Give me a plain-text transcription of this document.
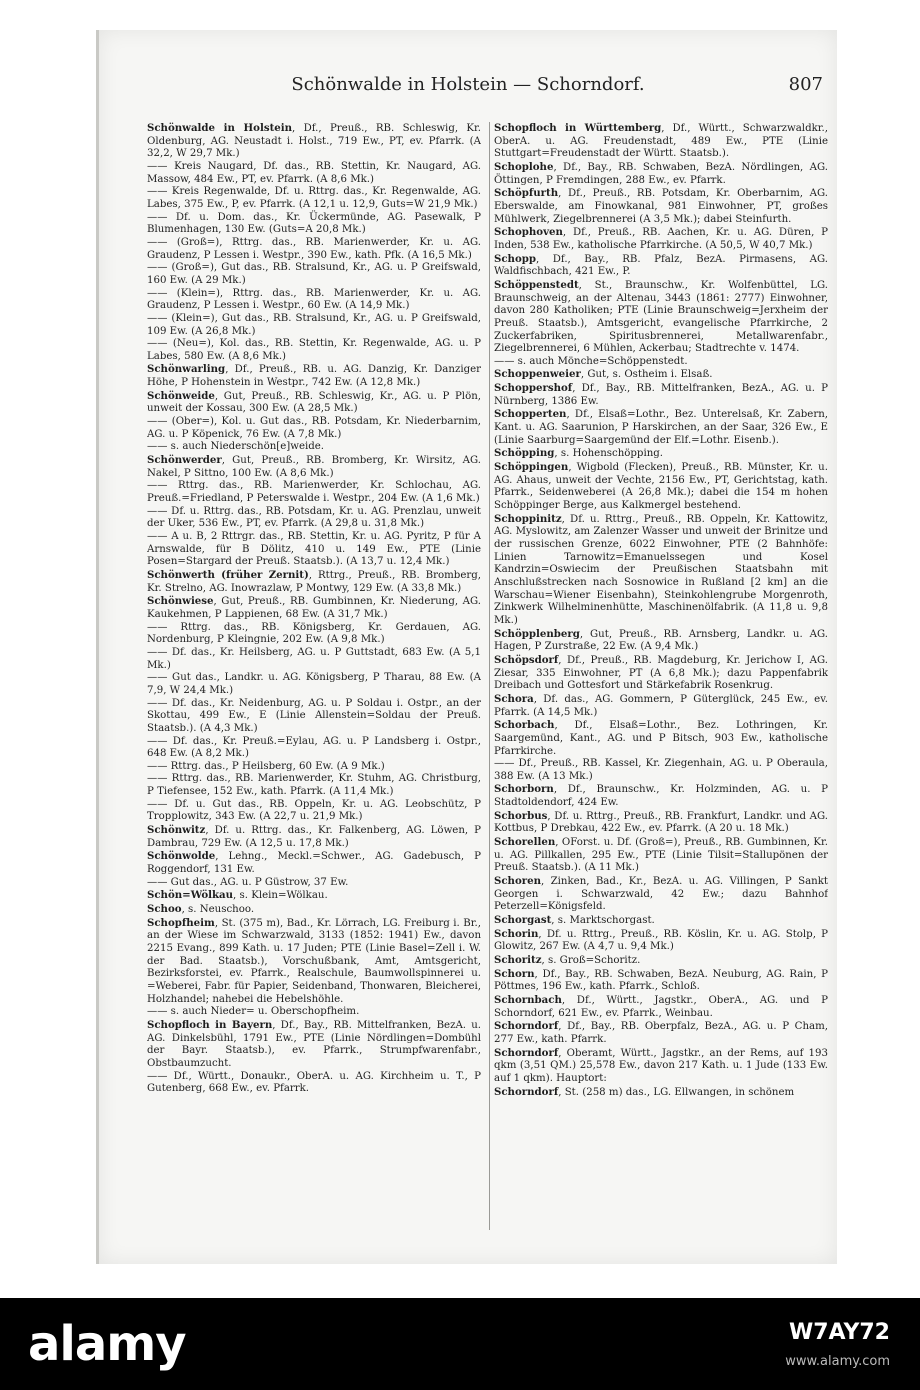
Schönwalde in Holstein — Schorndorf.	807

Schönwalde in Holstein, Df., Preuß., RB. Schleswig, Kr. Oldenburg, AG. Neustadt i. Holst., 719 Ew., PT, ev. Pfarrk. (A 32,2, W 29,7 Mk.)

—— Kreis Naugard, Df. das., RB. Stettin, Kr. Naugard, AG. Massow, 484 Ew., PT, ev. Pfarrk. (A 8,6 Mk.)

—— Kreis Regenwalde, Df. u. Rttrg. das., Kr. Regenwalde, AG. Labes, 375 Ew., P, ev. Pfarrk. (A 12,1 u. 12,9, Guts=W 21,9 Mk.)

—— Df. u. Dom. das., Kr. Ückermünde, AG. Pasewalk, P Blumenhagen, 130 Ew. (Guts=A 20,8 Mk.)

—— (Groß=), Rttrg. das., RB. Marienwerder, Kr. u. AG. Graudenz, P Lessen i. Westpr., 390 Ew., kath. Pfk. (A 16,5 Mk.)

—— (Groß=), Gut das., RB. Stralsund, Kr., AG. u. P Greifswald, 160 Ew. (A 29 Mk.)

—— (Klein=), Rttrg. das., RB. Marienwerder, Kr. u. AG. Graudenz, P Lessen i. Westpr., 60 Ew. (A 14,9 Mk.)

—— (Klein=), Gut das., RB. Stralsund, Kr., AG. u. P Greifswald, 109 Ew. (A 26,8 Mk.)

—— (Neu=), Kol. das., RB. Stettin, Kr. Regenwalde, AG. u. P Labes, 580 Ew. (A 8,6 Mk.)

Schönwarling, Df., Preuß., RB. u. AG. Danzig, Kr. Danziger Höhe, P Hohenstein in Westpr., 742 Ew. (A 12,8 Mk.)

Schönweide, Gut, Preuß., RB. Schleswig, Kr., AG. u. P Plön, unweit der Kossau, 300 Ew. (A 28,5 Mk.)

—— (Ober=), Kol. u. Gut das., RB. Potsdam, Kr. Niederbarnim, AG. u. P Köpenick, 76 Ew. (A 7,8 Mk.)

—— s. auch Niederschön[e]weide.

Schönwerder, Gut, Preuß., RB. Bromberg, Kr. Wirsitz, AG. Nakel, P Sittno, 100 Ew. (A 8,6 Mk.)

—— Rttrg. das., RB. Marienwerder, Kr. Schlochau, AG. Preuß.=Friedland, P Peterswalde i. Westpr., 204 Ew. (A 1,6 Mk.)

—— Df. u. Rttrg. das., RB. Potsdam, Kr. u. AG. Prenzlau, unweit der Uker, 536 Ew., PT, ev. Pfarrk. (A 29,8 u. 31,8 Mk.)

—— A u. B, 2 Rttrgr. das., RB. Stettin, Kr. u. AG. Pyritz, P für A Arnswalde, für B Dölitz, 410 u. 149 Ew., PTE (Linie Posen=Stargard der Preuß. Staatsb.). (A 13,7 u. 12,4 Mk.)

Schönwerth (früher Zernit), Rttrg., Preuß., RB. Bromberg, Kr. Strelno, AG. Inowrazlaw, P Montwy, 129 Ew. (A 33,8 Mk.)

Schönwiese, Gut, Preuß., RB. Gumbinnen, Kr. Niederung, AG. Kaukehmen, P Lappienen, 68 Ew. (A 31,7 Mk.)

—— Rttrg. das., RB. Königsberg, Kr. Gerdauen, AG. Nordenburg, P Kleingnie, 202 Ew. (A 9,8 Mk.)

—— Df. das., Kr. Heilsberg, AG. u. P Guttstadt, 683 Ew. (A 5,1 Mk.)

—— Gut das., Landkr. u. AG. Königsberg, P Tharau, 88 Ew. (A 7,9, W 24,4 Mk.)

—— Df. das., Kr. Neidenburg, AG. u. P Soldau i. Ostpr., an der Skottau, 499 Ew., E (Linie Allenstein=Soldau der Preuß. Staatsb.). (A 4,3 Mk.)

—— Df. das., Kr. Preuß.=Eylau, AG. u. P Landsberg i. Ostpr., 648 Ew. (A 8,2 Mk.)

—— Rttrg. das., P Heilsberg, 60 Ew. (A 9 Mk.)

—— Rttrg. das., RB. Marienwerder, Kr. Stuhm, AG. Christburg, P Tiefensee, 152 Ew., kath. Pfarrk. (A 11,4 Mk.)

—— Df. u. Gut das., RB. Oppeln, Kr. u. AG. Leobschütz, P Tropplowitz, 343 Ew. (A 22,7 u. 21,9 Mk.)

Schönwitz, Df. u. Rttrg. das., Kr. Falkenberg, AG. Löwen, P Dambrau, 729 Ew. (A 12,5 u. 17,8 Mk.)

Schönwolde, Lehng., Meckl.=Schwer., AG. Gadebusch, P Roggendorf, 131 Ew.

—— Gut das., AG. u. P Güstrow, 37 Ew.

Schön=Wölkau, s. Klein=Wölkau.

Schoo, s. Neuschoo.

Schopfheim, St. (375 m), Bad., Kr. Lörrach, LG. Freiburg i. Br., an der Wiese im Schwarzwald, 3133 (1852: 1941) Ew., davon 2215 Evang., 899 Kath. u. 17 Juden; PTE (Linie Basel=Zell i. W. der Bad. Staatsb.), Vorschußbank, Amt, Amtsgericht, Bezirksforstei, ev. Pfarrk., Realschule, Baumwollspinnerei u. =Weberei, Fabr. für Papier, Seidenband, Thonwaren, Bleicherei, Holzhandel; nahebei die Hebelshöhle.

—— s. auch Nieder= u. Oberschopfheim.

Schopfloch in Bayern, Df., Bay., RB. Mittelfranken, BezA. u. AG. Dinkelsbühl, 1791 Ew., PTE (Linie Nördlingen=Dombühl der Bayr. Staatsb.), ev. Pfarrk., Strumpfwarenfabr., Obstbaumzucht.

—— Df., Württ., Donaukr., OberA. u. AG. Kirchheim u. T., P Gutenberg, 668 Ew., ev. Pfarrk.

Schopfloch in Württemberg, Df., Württ., Schwarzwaldkr., OberA. u. AG. Freudenstadt, 489 Ew., PTE (Linie Stuttgart=Freudenstadt der Württ. Staatsb.).

Schoplohe, Df., Bay., RB. Schwaben, BezA. Nördlingen, AG. Öttingen, P Fremdingen, 288 Ew., ev. Pfarrk.

Schöpfurth, Df., Preuß., RB. Potsdam, Kr. Oberbarnim, AG. Eberswalde, am Finowkanal, 981 Einwohner, PT, großes Mühlwerk, Ziegelbrennerei (A 3,5 Mk.); dabei Steinfurth.

Schophoven, Df., Preuß., RB. Aachen, Kr. u. AG. Düren, P Inden, 538 Ew., katholische Pfarrkirche. (A 50,5, W 40,7 Mk.)

Schopp, Df., Bay., RB. Pfalz, BezA. Pirmasens, AG. Waldfischbach, 421 Ew., P.

Schöppenstedt, St., Braunschw., Kr. Wolfenbüttel, LG. Braunschweig, an der Altenau, 3443 (1861: 2777) Einwohner, davon 280 Katholiken; PTE (Linie Braunschweig=Jerxheim der Preuß. Staatsb.), Amtsgericht, evangelische Pfarrkirche, 2 Zuckerfabriken, Spiritusbrennerei, Metallwarenfabr., Ziegelbrennerei, 6 Mühlen, Ackerbau; Stadtrechte v. 1474.

—— s. auch Mönche=Schöppenstedt.

Schoppenweier, Gut, s. Ostheim i. Elsaß.

Schoppershof, Df., Bay., RB. Mittelfranken, BezA., AG. u. P Nürnberg, 1386 Ew.

Schopperten, Df., Elsaß=Lothr., Bez. Unterelsaß, Kr. Zabern, Kant. u. AG. Saarunion, P Harskirchen, an der Saar, 326 Ew., E (Linie Saarburg=Saargemünd der Elf.=Lothr. Eisenb.).

Schöpping, s. Hohenschöpping.

Schöppingen, Wigbold (Flecken), Preuß., RB. Münster, Kr. u. AG. Ahaus, unweit der Vechte, 2156 Ew., PT, Gerichtstag, kath. Pfarrk., Seidenweberei (A 26,8 Mk.); dabei die 154 m hohen Schöppinger Berge, aus Kalkmergel bestehend.

Schoppinitz, Df. u. Rttrg., Preuß., RB. Oppeln, Kr. Kattowitz, AG. Myslowitz, am Zalenzer Wasser und unweit der Brinitze und der russischen Grenze, 6022 Einwohner, PTE (2 Bahnhöfe: Linien Tarnowitz=Emanuelssegen und Kosel Kandrzin=Oswiecim der Preußischen Staatsbahn mit Anschlußstrecken nach Sosnowice in Rußland [2 km] an die Warschau=Wiener Eisenbahn), Steinkohlengrube Morgenroth, Zinkwerk Wilhelminenhütte, Maschinenölfabrik. (A 11,8 u. 9,8 Mk.)

Schöpplenberg, Gut, Preuß., RB. Arnsberg, Landkr. u. AG. Hagen, P Zurstraße, 22 Ew. (A 9,4 Mk.)

Schöpsdorf, Df., Preuß., RB. Magdeburg, Kr. Jerichow I, AG. Ziesar, 335 Einwohner, PT (A 6,8 Mk.); dazu Pappenfabrik Dreibach und Gottesfort und Stärkefabrik Rosenkrug.

Schora, Df. das., AG. Gommern, P Güterglück, 245 Ew., ev. Pfarrk. (A 14,5 Mk.)

Schorbach, Df., Elsaß=Lothr., Bez. Lothringen, Kr. Saargemünd, Kant., AG. und P Bitsch, 903 Ew., katholische Pfarrkirche.

—— Df., Preuß., RB. Kassel, Kr. Ziegenhain, AG. u. P Oberaula, 388 Ew. (A 13 Mk.)

Schorborn, Df., Braunschw., Kr. Holzminden, AG. u. P Stadtoldendorf, 424 Ew.

Schorbus, Df. u. Rttrg., Preuß., RB. Frankfurt, Landkr. und AG. Kottbus, P Drebkau, 422 Ew., ev. Pfarrk. (A 20 u. 18 Mk.)

Schorellen, OForst. u. Df. (Groß=), Preuß., RB. Gumbinnen, Kr. u. AG. Pillkallen, 295 Ew., PTE (Linie Tilsit=Stallupönen der Preuß. Staatsb.). (A 11 Mk.)

Schoren, Zinken, Bad., Kr., BezA. u. AG. Villingen, P Sankt Georgen i. Schwarzwald, 42 Ew.; dazu Bahnhof Peterzell=Königsfeld.

Schorgast, s. Marktschorgast.

Schorin, Df. u. Rttrg., Preuß., RB. Köslin, Kr. u. AG. Stolp, P Glowitz, 267 Ew. (A 4,7 u. 9,4 Mk.)

Schoritz, s. Groß=Schoritz.

Schorn, Df., Bay., RB. Schwaben, BezA. Neuburg, AG. Rain, P Pöttmes, 196 Ew., kath. Pfarrk., Schloß.

Schornbach, Df., Württ., Jagstkr., OberA., AG. und P Schorndorf, 621 Ew., ev. Pfarrk., Weinbau.

Schorndorf, Df., Bay., RB. Oberpfalz, BezA., AG. u. P Cham, 277 Ew., kath. Pfarrk.

Schorndorf, Oberamt, Württ., Jagstkr., an der Rems, auf 193 qkm (3,51 QM.) 25,578 Ew., davon 217 Kath. u. 1 Jude (133 Ew. auf 1 qkm). Hauptort:

Schorndorf, St. (258 m) das., LG. Ellwangen, in schönem

alamy	W7AY72
www.alamy.com
